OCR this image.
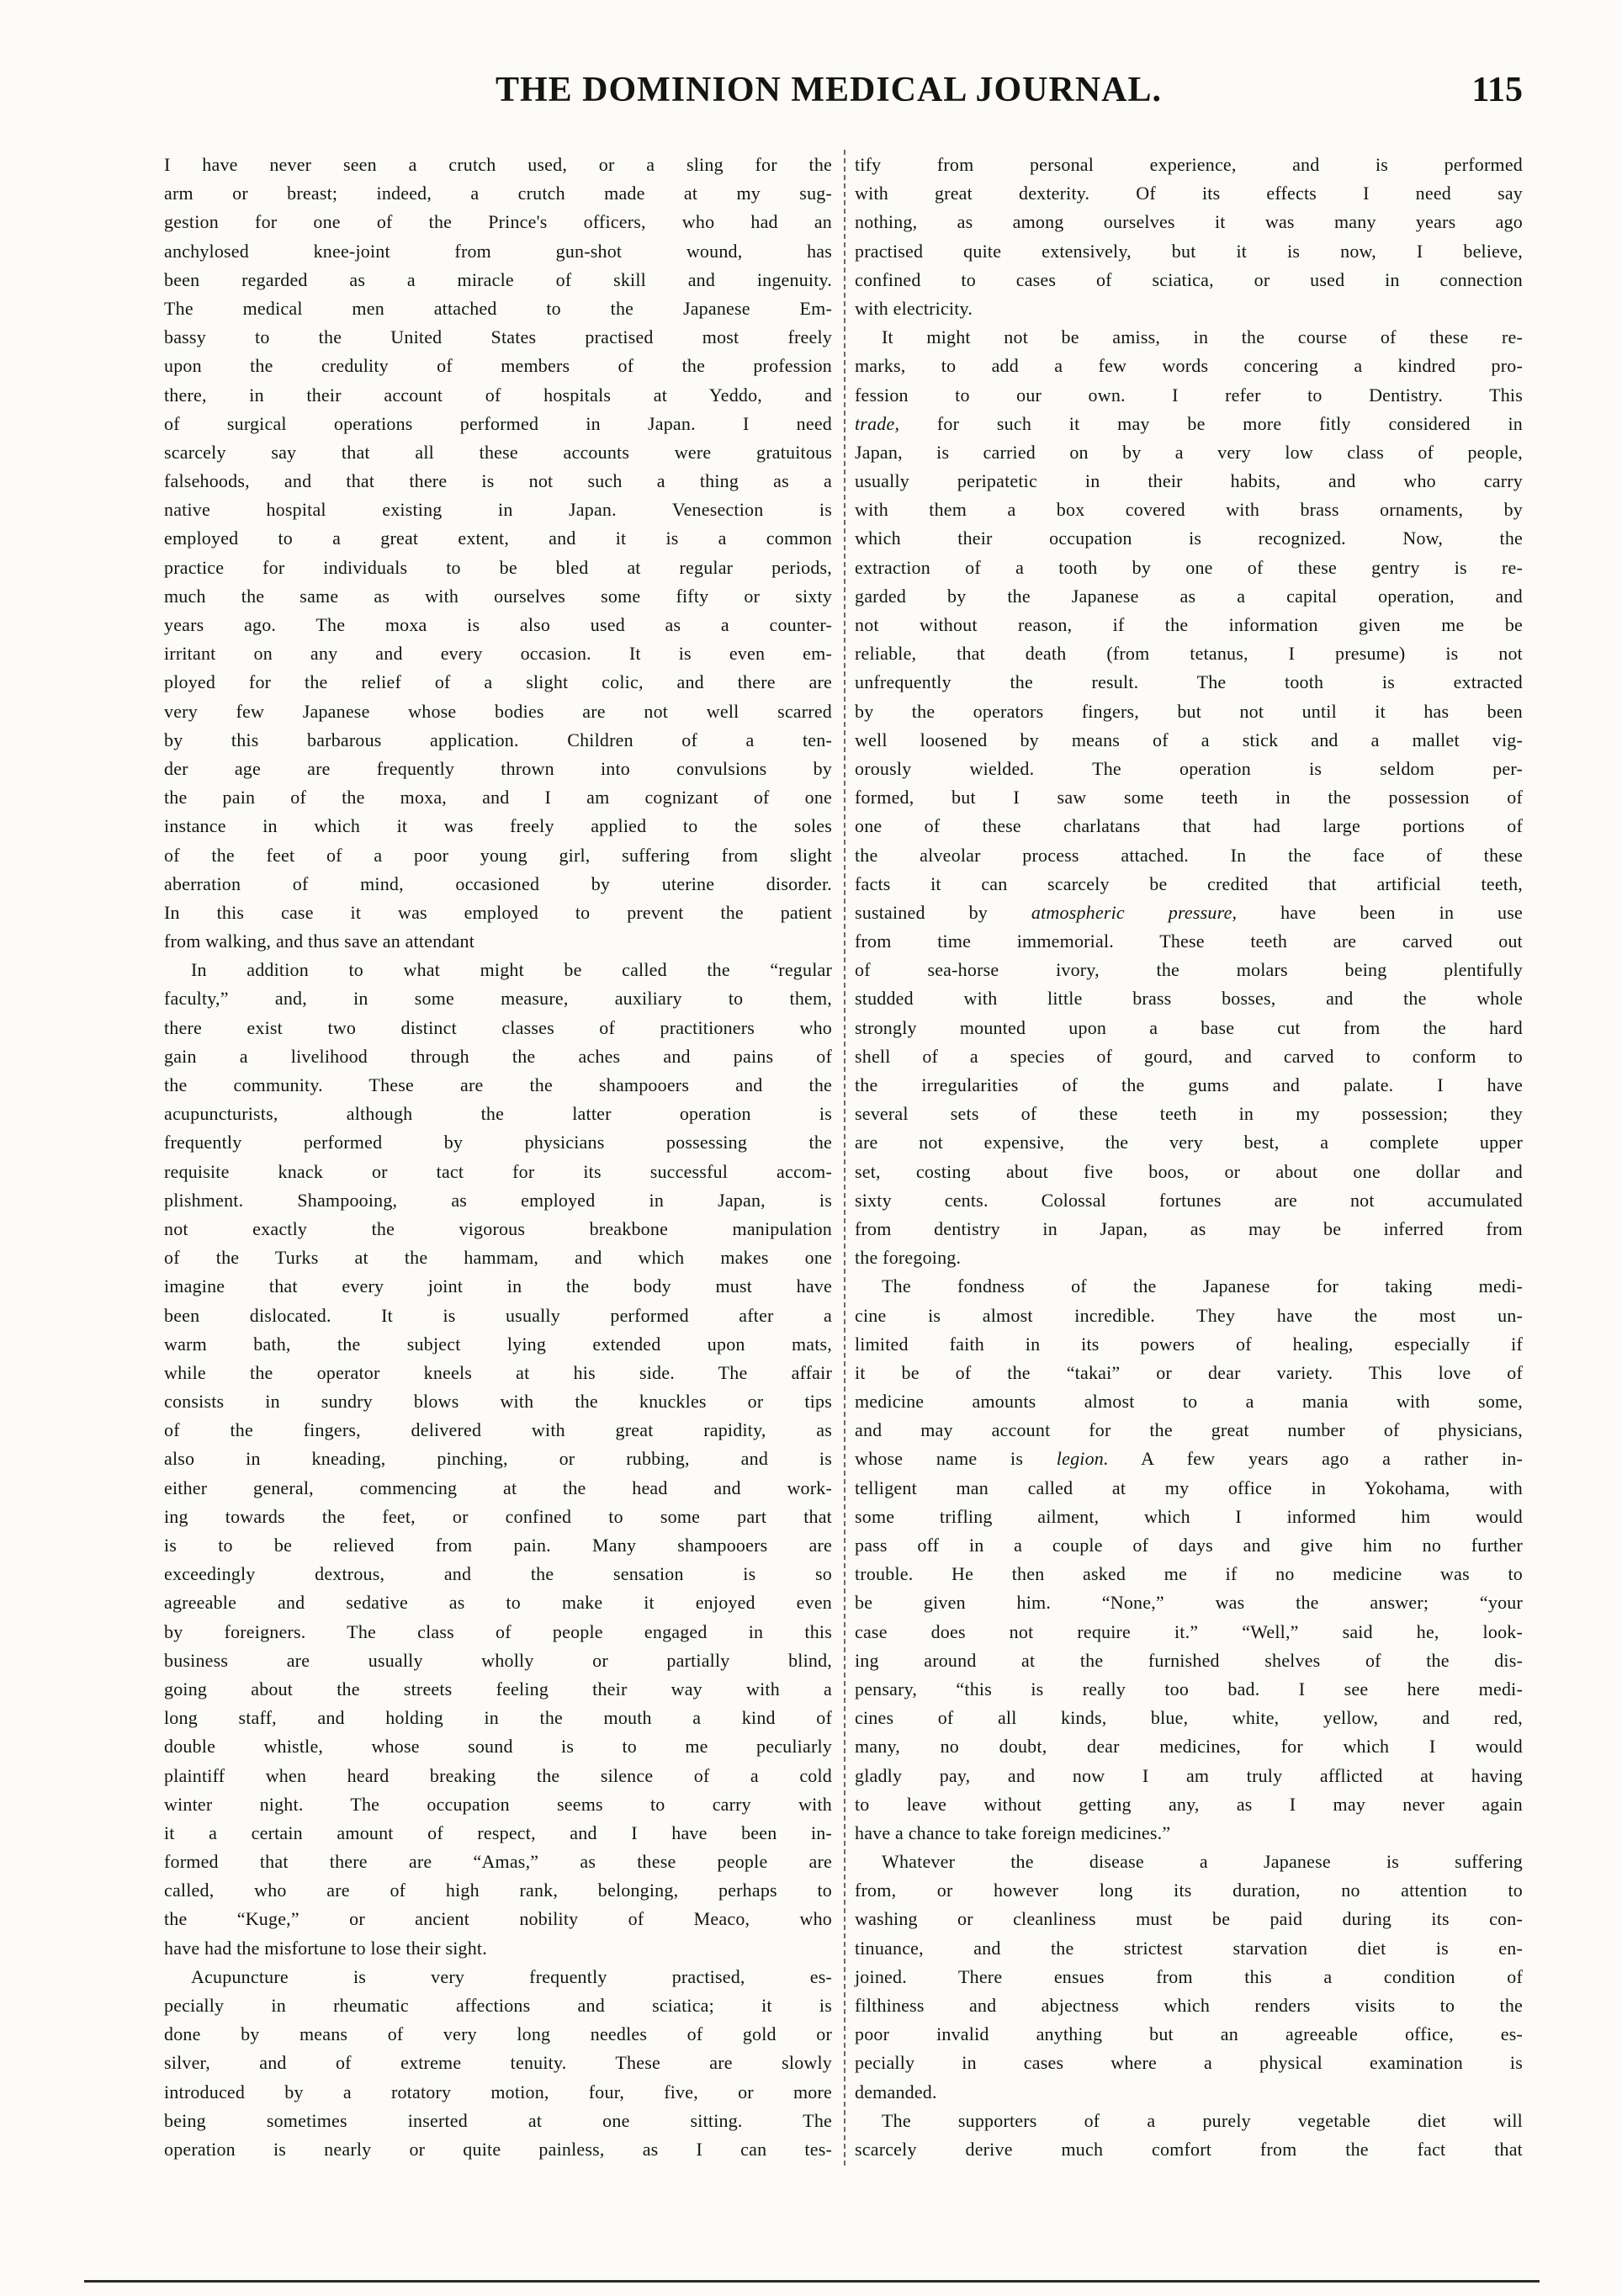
THE DOMINION MEDICAL JOURNAL.	115
I have never seen a crutch used, or a sling for the
arm or breast; indeed, a crutch made at my sug-
gestion for one of the Prince's officers, who had an
anchylosed knee-joint from gun-shot wound, has
been regarded as a miracle of skill and ingenuity.
The medical men attached to the Japanese Em-
bassy to the United States practised most freely
upon the credulity of members of the profession
there, in their account of hospitals at Yeddo, and
of surgical operations performed in Japan. I need
scarcely say that all these accounts were gratuitous
falsehoods, and that there is not such a thing as a
native hospital existing in Japan. Venesection is
employed to a great extent, and it is a common
practice for individuals to be bled at regular periods,
much the same as with ourselves some fifty or sixty
years ago. The moxa is also used as a counter-
irritant on any and every occasion. It is even em-
ployed for the relief of a slight colic, and there are
very few Japanese whose bodies are not well scarred
by this barbarous application. Children of a ten-
der age are frequently thrown into convulsions by
the pain of the moxa, and I am cognizant of one
instance in which it was freely applied to the soles
of the feet of a poor young girl, suffering from slight
aberration of mind, occasioned by uterine disorder.
In this case it was employed to prevent the patient
from walking, and thus save an attendant
In addition to what might be called the “regular
faculty,” and, in some measure, auxiliary to them,
there exist two distinct classes of practitioners who
gain a livelihood through the aches and pains of
the community. These are the shampooers and the
acupuncturists, although the latter operation is
frequently performed by physicians possessing the
requisite knack or tact for its successful accom-
plishment. Shampooing, as employed in Japan, is
not exactly the vigorous breakbone manipulation
of the Turks at the hammam, and which makes one
imagine that every joint in the body must have
been dislocated. It is usually performed after a
warm bath, the subject lying extended upon mats,
while the operator kneels at his side. The affair
consists in sundry blows with the knuckles or tips
of the fingers, delivered with great rapidity, as
also in kneading, pinching, or rubbing, and is
either general, commencing at the head and work-
ing towards the feet, or confined to some part that
is to be relieved from pain. Many shampooers are
exceedingly dextrous, and the sensation is so
agreeable and sedative as to make it enjoyed even
by foreigners. The class of people engaged in this
business are usually wholly or partially blind,
going about the streets feeling their way with a
long staff, and holding in the mouth a kind of
double whistle, whose sound is to me peculiarly
plaintiff when heard breaking the silence of a cold
winter night. The occupation seems to carry with
it a certain amount of respect, and I have been in-
formed that there are “Amas,” as these people are
called, who are of high rank, belonging, perhaps to
the “Kuge,” or ancient nobility of Meaco, who
have had the misfortune to lose their sight.
Acupuncture is very frequently practised, es-
pecially in rheumatic affections and sciatica; it is
done by means of very long needles of gold or
silver, and of extreme tenuity. These are slowly
introduced by a rotatory motion, four, five, or more
being sometimes inserted at one sitting. The
operation is nearly or quite painless, as I can tes-
tify from personal experience, and is performed
with great dexterity. Of its effects I need say
nothing, as among ourselves it was many years ago
practised quite extensively, but it is now, I believe,
confined to cases of sciatica, or used in connection
with electricity.
It might not be amiss, in the course of these re-
marks, to add a few words concering a kindred pro-
fession to our own. I refer to Dentistry. This
trade, for such it may be more fitly considered in
Japan, is carried on by a very low class of people,
usually peripatetic in their habits, and who carry
with them a box covered with brass ornaments, by
which their occupation is recognized. Now, the
extraction of a tooth by one of these gentry is re-
garded by the Japanese as a capital operation, and
not without reason, if the information given me be
reliable, that death (from tetanus, I presume) is not
unfrequently the result. The tooth is extracted
by the operators fingers, but not until it has been
well loosened by means of a stick and a mallet vig-
orously wielded. The operation is seldom per-
formed, but I saw some teeth in the possession of
one of these charlatans that had large portions of
the alveolar process attached. In the face of these
facts it can scarcely be credited that artificial teeth,
sustained by atmospheric pressure, have been in use
from time immemorial. These teeth are carved out
of sea-horse ivory, the molars being plentifully
studded with little brass bosses, and the whole
strongly mounted upon a base cut from the hard
shell of a species of gourd, and carved to conform to
the irregularities of the gums and palate. I have
several sets of these teeth in my possession; they
are not expensive, the very best, a complete upper
set, costing about five boos, or about one dollar and
sixty cents. Colossal fortunes are not accumulated
from dentistry in Japan, as may be inferred from
the foregoing.
The fondness of the Japanese for taking medi-
cine is almost incredible. They have the most un-
limited faith in its powers of healing, especially if
it be of the “takai” or dear variety. This love of
medicine amounts almost to a mania with some,
and may account for the great number of physicians,
whose name is legion. A few years ago a rather in-
telligent man called at my office in Yokohama, with
some trifling ailment, which I informed him would
pass off in a couple of days and give him no further
trouble. He then asked me if no medicine was to
be given him. “None,” was the answer; “your
case does not require it.” “Well,” said he, look-
ing around at the furnished shelves of the dis-
pensary, “this is really too bad. I see here medi-
cines of all kinds, blue, white, yellow, and red,
many, no doubt, dear medicines, for which I would
gladly pay, and now I am truly afflicted at having
to leave without getting any, as I may never again
have a chance to take foreign medicines.”
Whatever the disease a Japanese is suffering
from, or however long its duration, no attention to
washing or cleanliness must be paid during its con-
tinuance, and the strictest starvation diet is en-
joined. There ensues from this a condition of
filthiness and abjectness which renders visits to the
poor invalid anything but an agreeable office, es-
pecially in cases where a physical examination is
demanded.
The supporters of a purely vegetable diet will
scarcely derive much comfort from the fact that
